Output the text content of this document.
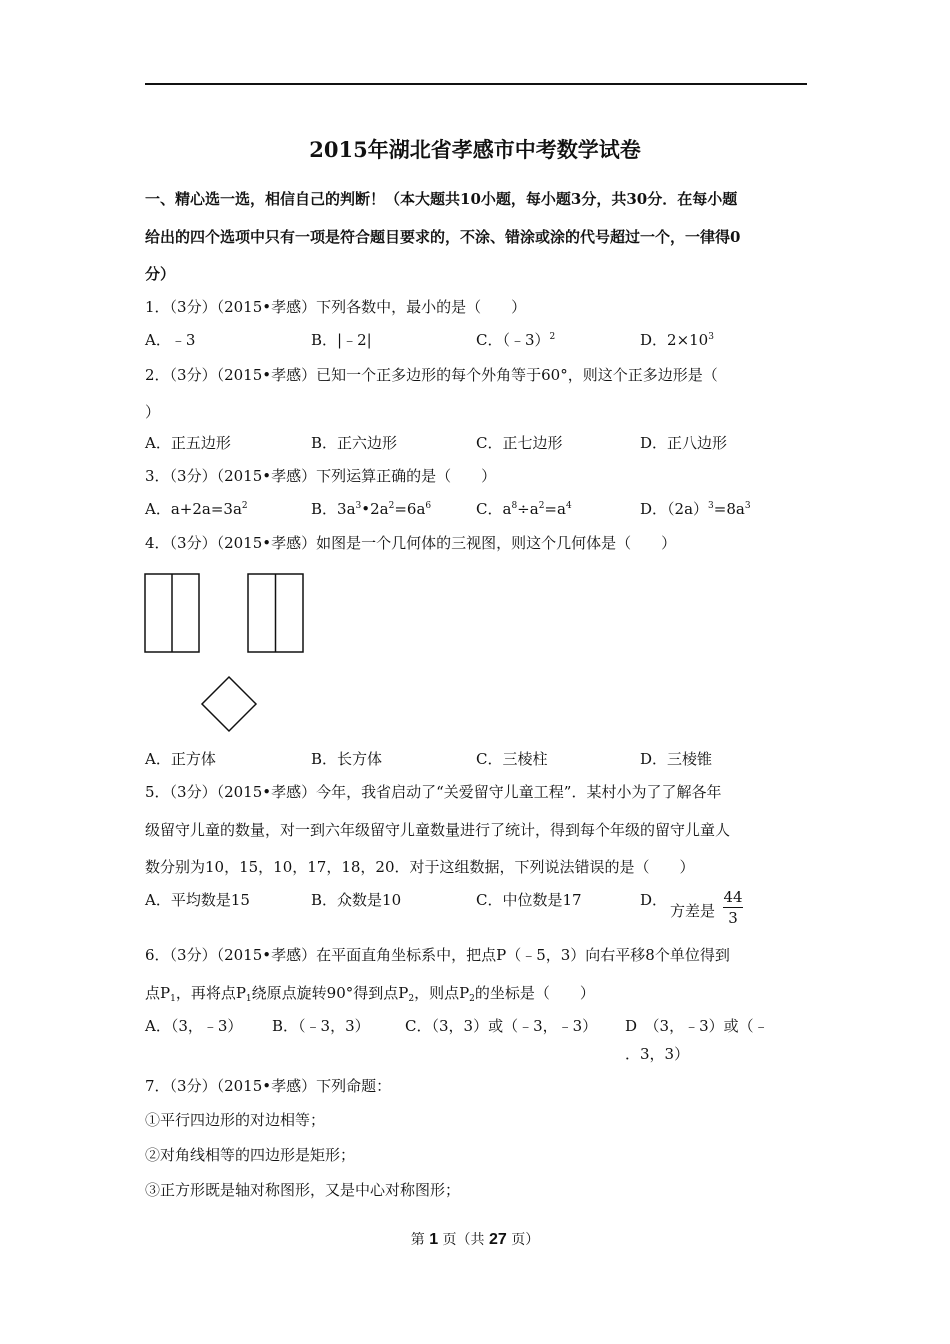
2015年湖北省孝感市中考数学试卷
一、精心选一选，相信自己的判断！（本大题共10小题，每小题3分，共30分．在每小题
给出的四个选项中只有一项是符合题目要求的，不涂、错涂或涂的代号超过一个，一律得0
分）
1．（3分）（2015•孝感）下列各数中，最小的是（　　）
A．﹣3	B．|﹣2|	C．（﹣3）$^2$	D．$2\times 10^3$
2．（3分）（2015•孝感）已知一个正多边形的每个外角等于60°，则这个正多边形是（
）
A．正五边形	B．正六边形	C．正七边形	D．正八边形
3．（3分）（2015•孝感）下列运算正确的是（　　）
A．$a+2a=3a^2$	B．$3a^3•2a^2=6a^6$	C．$a^8\div a^2=a^4$	D．$(2a)^3=8a^3$
4．（3分）（2015•孝感）如图是一个几何体的三视图，则这个几何体是（　　）
A．正方体	B．长方体	C．三棱柱	D．三棱锥
5．（3分）（2015•孝感）今年，我省启动了“关爱留守儿童工程”．某村小为了了解各年
级留守儿童的数量，对一到六年级留守儿童数量进行了统计，得到每个年级的留守儿童人
数分别为10，15，10，17，18，20．对于这组数据，下列说法错误的是（　　）
A．平均数是15	B．众数是10	C．中位数是17	D．
方差是
44
3
6．（3分）（2015•孝感）在平面直角坐标系中，把点P（﹣5，3）向右平移8个单位得到
点$P_1$，再将点$P_1$绕原点旋转90°得到点$P_2$，则点$P_2$的坐标是（　　）
A．（3，﹣3） B．（﹣3，3） C．（3，3）或（﹣3，﹣3） D　（3，﹣3）或（﹣
．3，3）
7．（3分）（2015•孝感）下列命题：
①平行四边形的对边相等；
②对角线相等的四边形是矩形；
③正方形既是轴对称图形，又是中心对称图形；
第 1 页（共 27 页）
